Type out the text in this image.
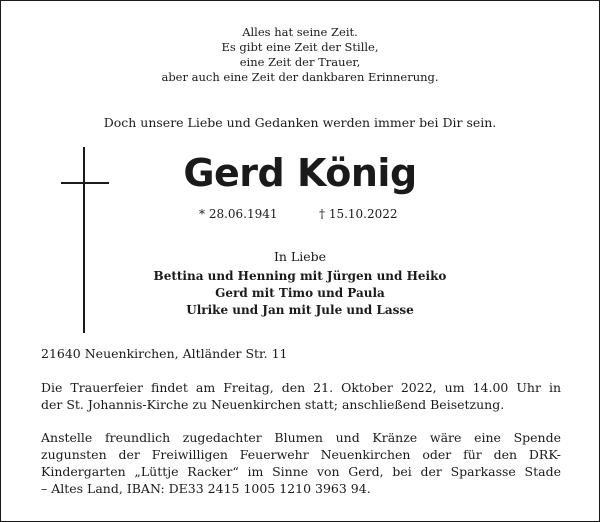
Alles hat seine Zeit.
Es gibt eine Zeit der Stille,
eine Zeit der Trauer,
aber auch eine Zeit der dankbaren Erinnerung.
Doch unsere Liebe und Gedanken werden immer bei Dir sein.
Gerd König
* 28.06.1941	† 15.10.2022
In Liebe
Bettina und Henning mit Jürgen und Heiko
Gerd mit Timo und Paula
Ulrike und Jan mit Jule und Lasse
21640 Neuenkirchen, Altländer Str. 11
Die Trauerfeier findet am Freitag, den 21. Oktober 2022, um 14.00 Uhr in
der St. Johannis-Kirche zu Neuenkirchen statt; anschließend Beisetzung.
Anstelle freundlich zugedachter Blumen und Kränze wäre eine Spende
zugunsten der Freiwilligen Feuerwehr Neuenkirchen oder für den DRK-
Kindergarten „Lüttje Racker“ im Sinne von Gerd, bei der Sparkasse Stade
– Altes Land, IBAN: DE33 2415 1005 1210 3963 94.
